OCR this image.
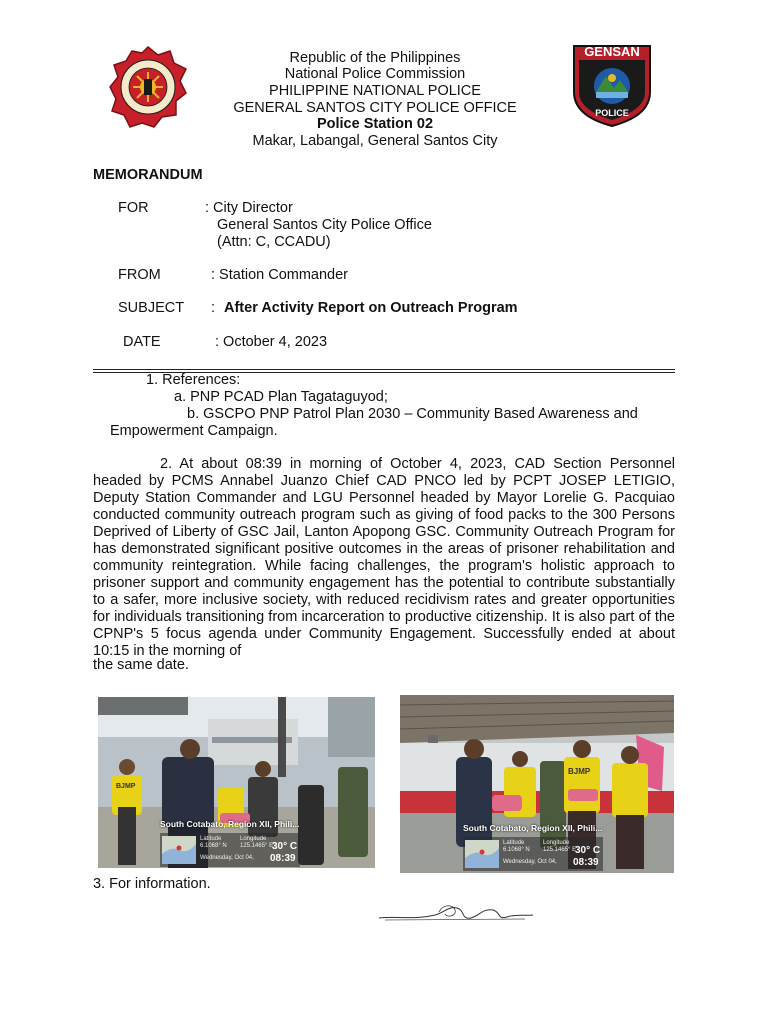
Republic of the Philippines
National Police Commission
PHILIPPINE NATIONAL POLICE
GENERAL SANTOS CITY POLICE OFFICE
Police Station 02
Makar, Labangal, General Santos City
GENSAN
POLICE
MEMORANDUM
FOR	: City Director
General Santos City Police Office
(Attn: C, CCADU)
FROM	: Station Commander
SUBJECT : After Activity Report on Outreach Program
DATE	: October 4, 2023
1. References:
a. PNP PCAD Plan Tagataguyod;
b. GSCPO PNP Patrol Plan 2030 – Community Based Awareness and
Empowerment Campaign.
2. At about 08:39 in morning of October 4, 2023, CAD Section Personnel
headed by PCMS Annabel Juanzo Chief CAD PNCO led by PCPT JOSEP LETIGIO, Deputy Station Commander and LGU Personnel headed by Mayor Lorelie G. Pacquiao conducted community outreach program such as giving of food packs to the 300 Persons Deprived of Liberty of GSC Jail, Lanton Apopong GSC. Community Outreach Program for has demonstrated significant positive outcomes in the areas of prisoner rehabilitation and community reintegration. While facing challenges, the program's holistic approach to prisoner support and community engagement has the potential to contribute substantially to a safer, more inclusive society, with reduced recidivism rates and greater opportunities for individuals transitioning from incarceration to productive citizenship. It is also part of the CPNP's 5 focus agenda under Community Engagement. Successfully ended at about 10:15 in the morning of
the same date.
BJMP
South Cotabato, Region XII, Phili...
Latitude
6.1068° N
Longitude
125.1465° E
Wednesday, Oct 04,
30° C
08:39
BJMP
South Cotabato, Region XII, Phili...
Latitude
6.1068° N
Longitude
125.1465° E
Wednesday, Oct 04,
30° C
08:39
3. For information.
